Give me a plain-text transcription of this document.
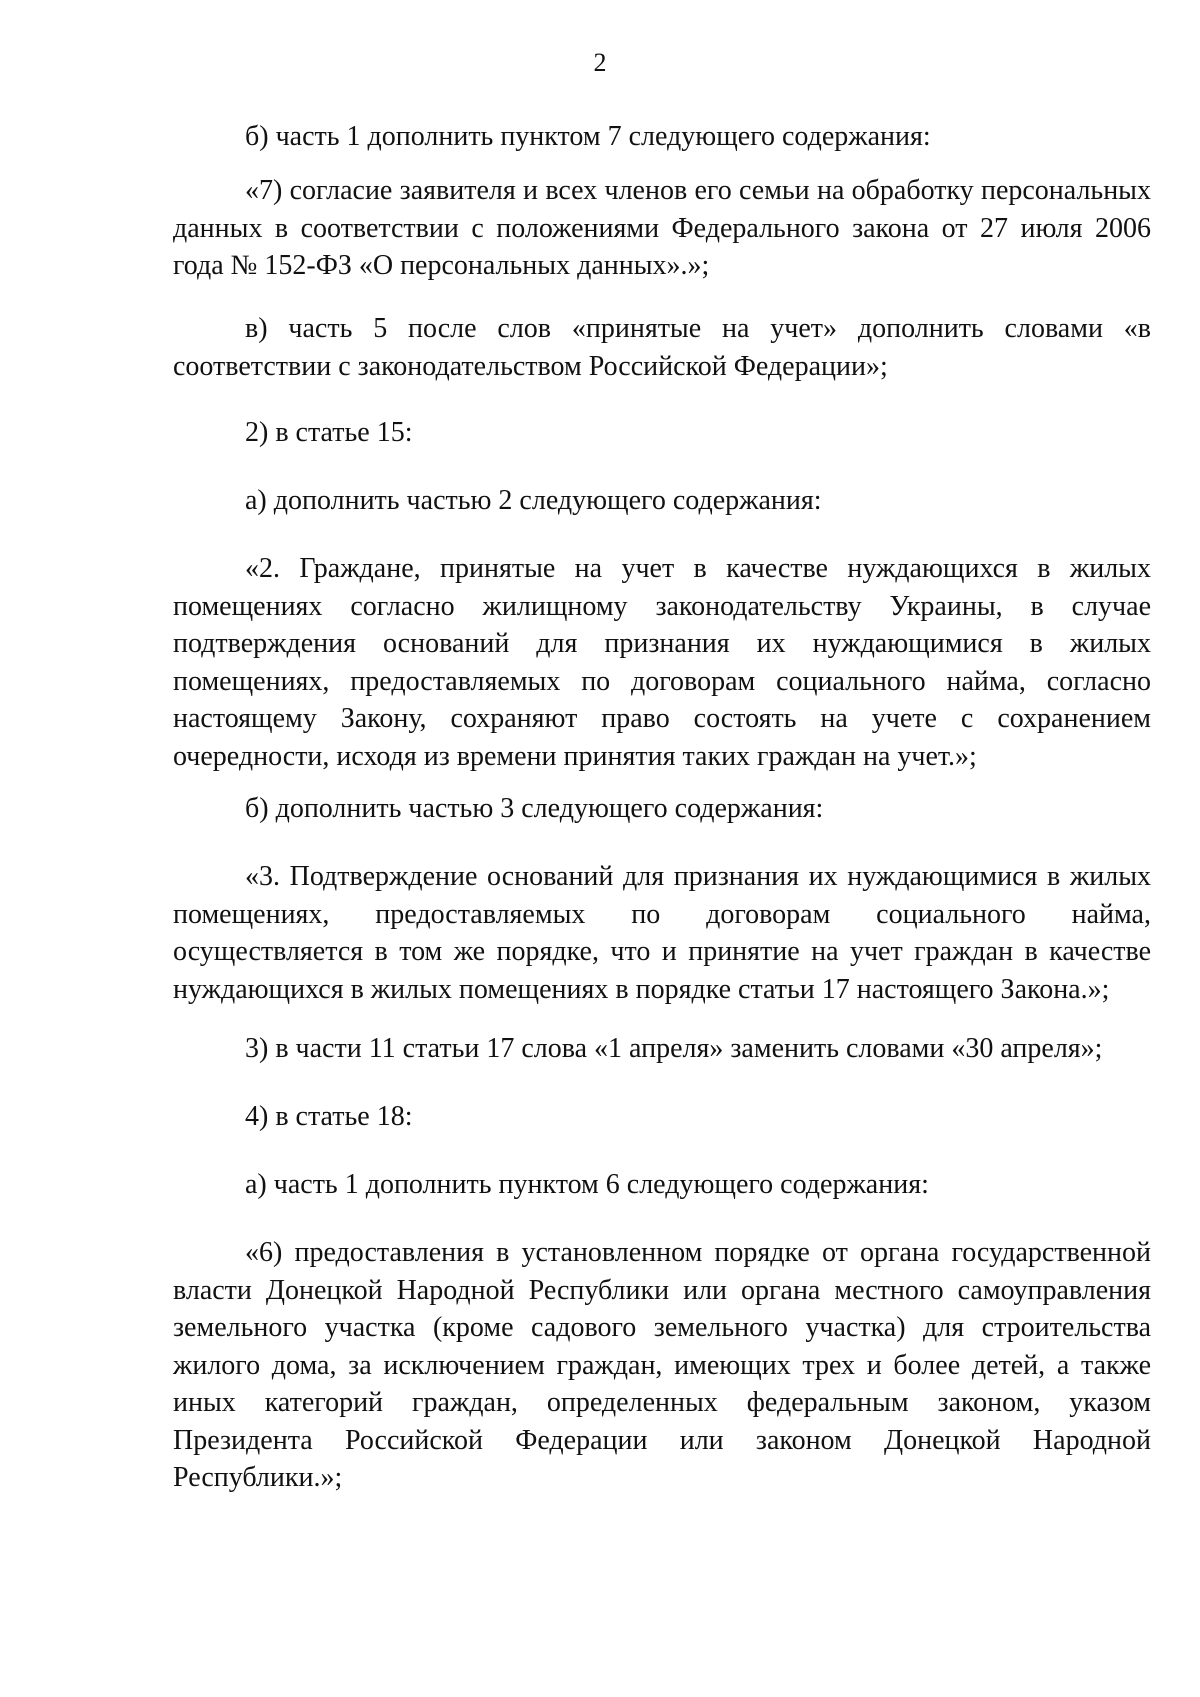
2

б) часть 1 дополнить пунктом 7 следующего содержания:

«7) согласие заявителя и всех членов его семьи на обработку персональных данных в соответствии с положениями Федерального закона от 27 июля 2006 года № 152-ФЗ «О персональных данных».»;

в) часть 5 после слов «принятые на учет» дополнить словами «в соответствии с законодательством Российской Федерации»;

2) в статье 15:

а) дополнить частью 2 следующего содержания:

«2. Граждане, принятые на учет в качестве нуждающихся в жилых помещениях согласно жилищному законодательству Украины, в случае подтверждения оснований для признания их нуждающимися в жилых помещениях, предоставляемых по договорам социального найма, согласно настоящему Закону, сохраняют право состоять на учете с сохранением очередности, исходя из времени принятия таких граждан на учет.»;

б) дополнить частью 3 следующего содержания:

«3. Подтверждение оснований для признания их нуждающимися в жилых помещениях, предоставляемых по договорам социального найма, осуществляется в том же порядке, что и принятие на учет граждан в качестве нуждающихся в жилых помещениях в порядке статьи 17 настоящего Закона.»;

3) в части 11 статьи 17 слова «1 апреля» заменить словами «30 апреля»;

4) в статье 18:

а) часть 1 дополнить пунктом 6 следующего содержания:

«6) предоставления в установленном порядке от органа государственной власти Донецкой Народной Республики или органа местного самоуправления земельного участка (кроме садового земельного участка) для строительства жилого дома, за исключением граждан, имеющих трех и более детей, а также иных категорий граждан, определенных федеральным законом, указом Президента Российской Федерации или законом Донецкой Народной Республики.»;
